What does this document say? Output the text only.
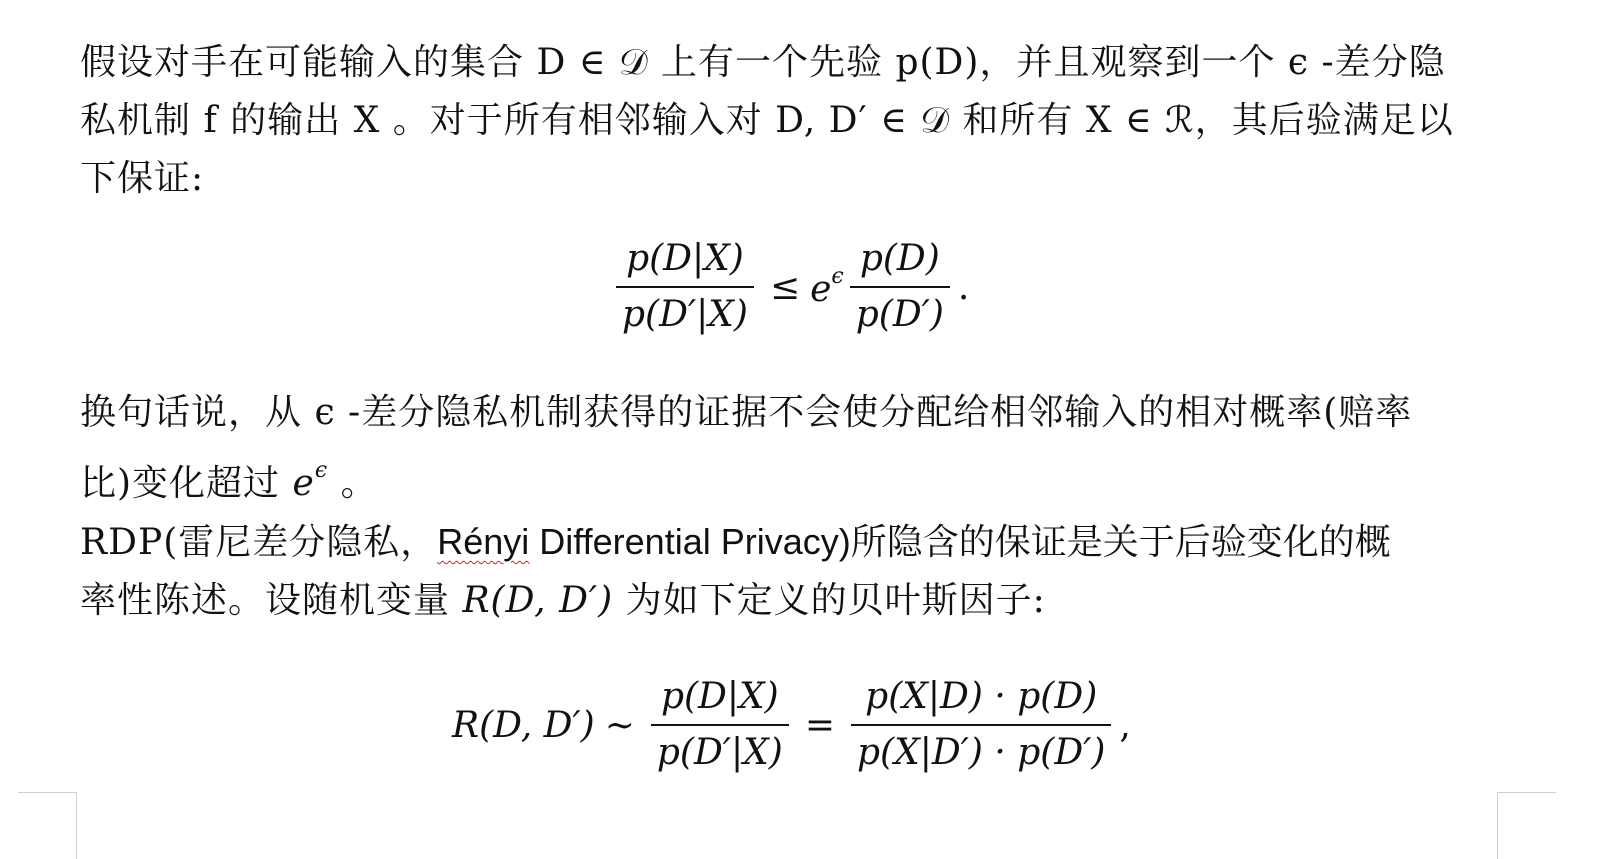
假设对手在可能输入的集合 D ∈ 𝒟 上有一个先验 p(D)，并且观察到一个 ϵ -差分隐
私机制 f 的输出 X 。对于所有相邻输入对 D, D′ ∈ 𝒟 和所有 X ∈ ℛ，其后验满足以
下保证:
$\frac{p(D|X)}{p(D'|X)} \le e^\epsilon \frac{p(D)}{p(D')}$ .
换句话说，从 ϵ -差分隐私机制获得的证据不会使分配给相邻输入的相对概率(赔率
比)变化超过 $e^\epsilon$ 。
RDP(雷尼差分隐私，Rényi Differential Privacy)所隐含的保证是关于后验变化的概
率性陈述。设随机变量 R(D, D′) 为如下定义的贝叶斯因子:
R(D, D′) ∼ $\frac{p(D|X)}{p(D'|X)} = \frac{p(X|D) \cdot p(D)}{p(X|D') \cdot p(D')}$ ,
